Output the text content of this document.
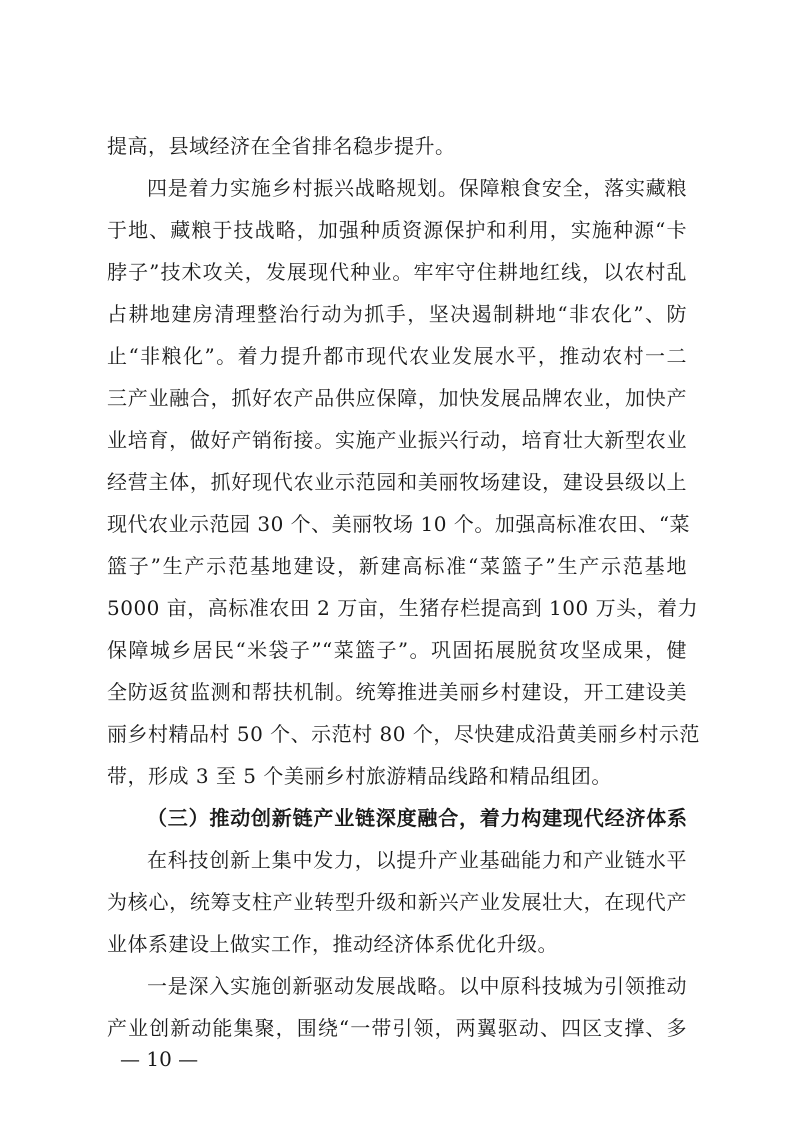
提高，县域经济在全省排名稳步提升。
四是着力实施乡村振兴战略规划。保障粮食安全，落实藏粮
于地、藏粮于技战略，加强种质资源保护和利用，实施种源“卡
脖子”技术攻关，发展现代种业。牢牢守住耕地红线，以农村乱
占耕地建房清理整治行动为抓手，坚决遏制耕地“非农化”、防
止“非粮化”。着力提升都市现代农业发展水平，推动农村一二
三产业融合，抓好农产品供应保障，加快发展品牌农业，加快产
业培育，做好产销衔接。实施产业振兴行动，培育壮大新型农业
经营主体，抓好现代农业示范园和美丽牧场建设，建设县级以上
现代农业示范园 30 个、美丽牧场 10 个。加强高标准农田、“菜
篮子”生产示范基地建设，新建高标准“菜篮子”生产示范基地
5000 亩，高标准农田 2 万亩，生猪存栏提高到 100 万头，着力
保障城乡居民“米袋子”“菜篮子”。巩固拓展脱贫攻坚成果，健
全防返贫监测和帮扶机制。统筹推进美丽乡村建设，开工建设美
丽乡村精品村 50 个、示范村 80 个，尽快建成沿黄美丽乡村示范
带，形成 3 至 5 个美丽乡村旅游精品线路和精品组团。
（三）推动创新链产业链深度融合，着力构建现代经济体系
在科技创新上集中发力，以提升产业基础能力和产业链水平
为核心，统筹支柱产业转型升级和新兴产业发展壮大，在现代产
业体系建设上做实工作，推动经济体系优化升级。
一是深入实施创新驱动发展战略。以中原科技城为引领推动
产业创新动能集聚，围绕“一带引领，两翼驱动、四区支撑、多
— 10 —
